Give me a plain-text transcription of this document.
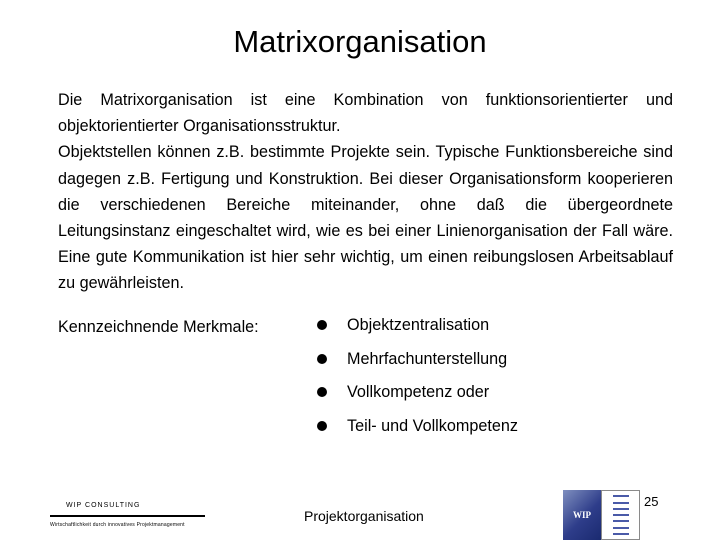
Matrixorganisation

Die Matrixorganisation ist eine Kombination von funktionsorientierter und objektorientierter Organisationsstruktur.

Objektstellen können z.B. bestimmte Projekte sein. Typische Funktionsbereiche sind dagegen z.B. Fertigung und Konstruktion. Bei dieser Organisationsform kooperieren die verschiedenen Bereiche miteinander, ohne daß die übergeordnete Leitungsinstanz eingeschaltet wird, wie es bei einer Linienorganisation der Fall wäre. Eine gute Kommunikation ist hier sehr wichtig, um einen reibungslosen Arbeitsablauf zu gewährleisten.

Kennzeichnende Merkmale:	Objektzentralisation
Mehrfachunterstellung
Vollkompetenz oder
Teil- und Vollkompetenz
WIP CONSULTING
Wirtschaftlichkeit durch innovatives Projektmanagement
Projektorganisation	WIP
25
